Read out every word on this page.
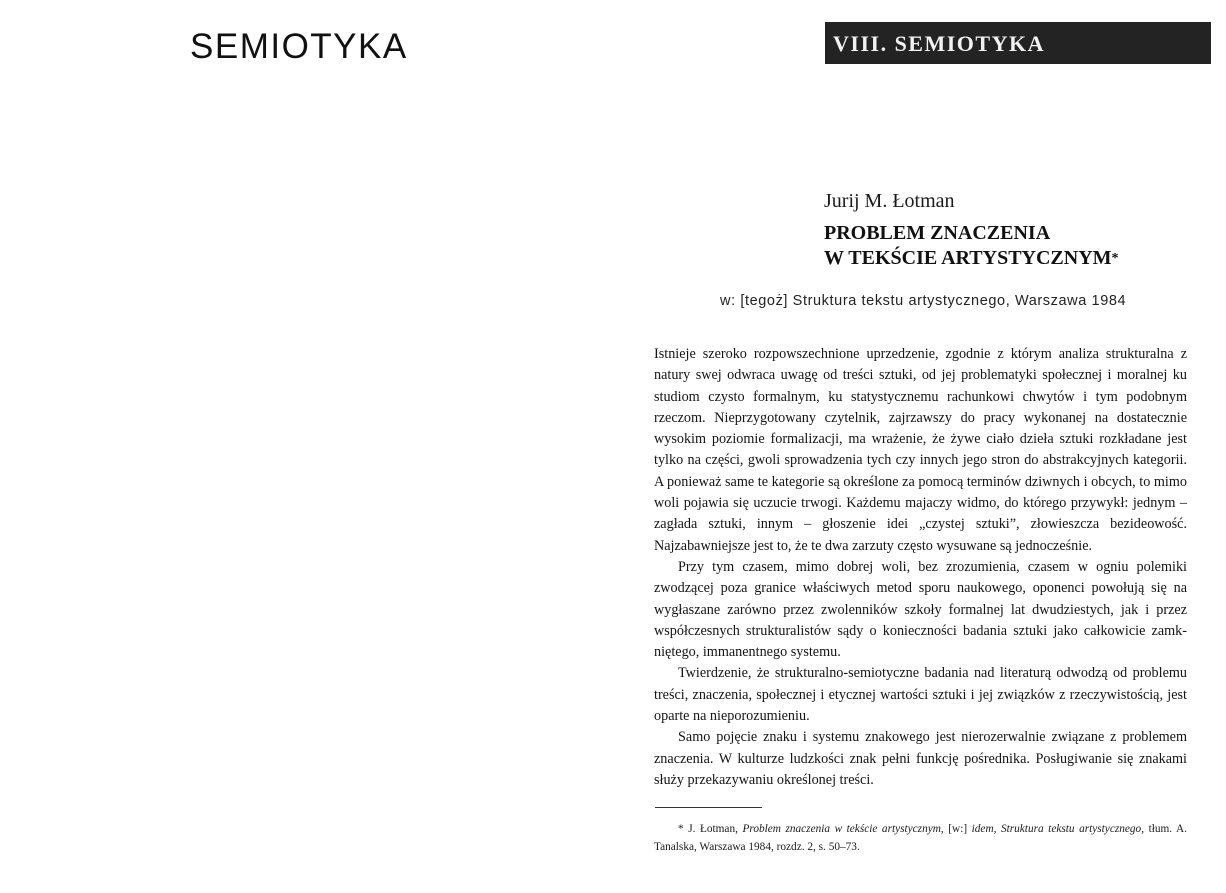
SEMIOTYKA	VIII. SEMIOTYKA
Jurij M. Łotman
PROBLEM ZNACZENIA
W TEKŚCIE ARTYSTYCZNYM*
w: [tegoż] Struktura tekstu artystycznego, Warszawa 1984

Istnieje szeroko rozpowszechnione uprzedzenie, zgodnie z którym analiza strukturalna z natury swej odwraca uwagę od treści sztuki, od jej problematyki społecznej i moralnej ku studiom czysto formalnym, ku statystycznemu rachunkowi chwytów i tym podobnym rzeczom. Nieprzygotowany czytelnik, zajrzawszy do pracy wykonanej na dostatecznie wysokim poziomie formalizacji, ma wrażenie, że żywe ciało dzieła sztuki rozkładane jest tylko na części, gwoli sprowadzenia tych czy innych jego stron do abstrakcyjnych kategorii. A ponieważ same te kategorie są określone za pomocą terminów dziwnych i obcych, to mimo woli pojawia się uczucie trwogi. Każdemu majaczy widmo, do którego przywykł: jednym – zagłada sztuki, innym – głoszenie idei „czystej sztuki”, złowieszcza bezideowość. Najzabawniejsze jest to, że te dwa zarzuty często wysuwane są jednocześnie.

Przy tym czasem, mimo dobrej woli, bez zrozumienia, czasem w ogniu polemiki zwodzącej poza granice właściwych metod sporu naukowego, oponenci powołują się na wygłaszane zarówno przez zwolenników szkoły formalnej lat dwudziestych, jak i przez współczesnych strukturalistów sądy o konieczności badania sztuki jako całkowicie zamkniętego, immanentnego systemu.

Twierdzenie, że strukturalno-semiotyczne badania nad literaturą odwodzą od problemu treści, znaczenia, społecznej i etycznej wartości sztuki i jej związków z rzeczywistością, jest oparte na nieporozumieniu.

Samo pojęcie znaku i systemu znakowego jest nierozerwalnie związane z problemem znaczenia. W kulturze ludzkości znak pełni funkcję pośrednika. Posługiwanie się znakami służy przekazywaniu określonej treści.

* J. Łotman, Problem znaczenia w tekście artystycznym, [w:] idem, Struktura tekstu artystycznego, tłum. A. Tanalska, Warszawa 1984, rozdz. 2, s. 50–73.
